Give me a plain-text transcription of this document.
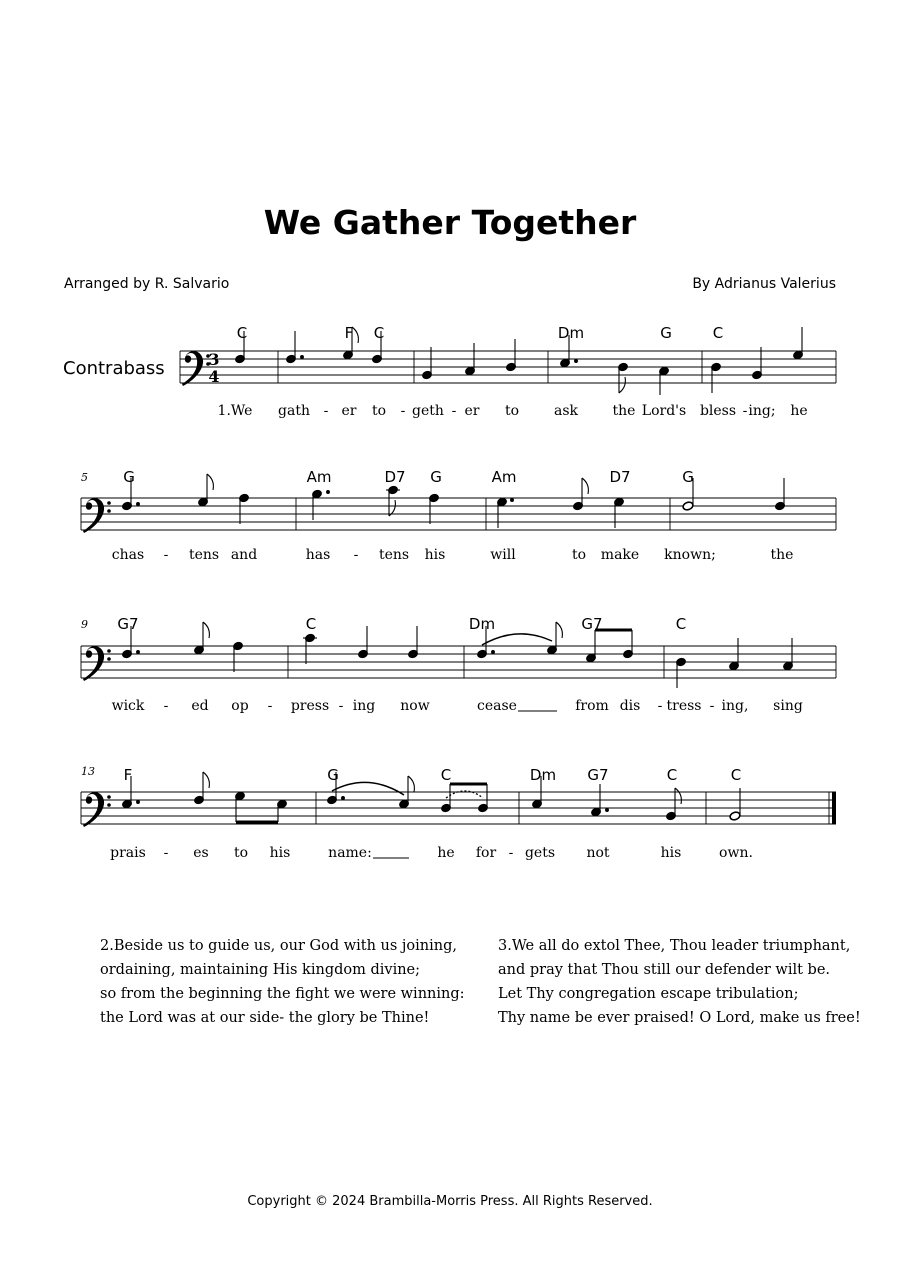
We Gather Together
Arranged by R. Salvario	By Adrianus Valerius
Contrabass	3
4
C	F C	Dm	G	C
1.We gath - er to - geth - er to ask the Lord's bless - ing; he
5 G	Am	D7 G	Am	D7	G
chas - tens and	has - tens his	will	to make known;	the
9 G7	C	Dm	G7	C
wick - ed op - press - ing now	cease	from dis - tress - ing, sing
13 F	G	C	Dm G7	C	C
prais - es to his	name:	he for - gets not	his	own.
2.Beside us to guide us, our God with us joining,
ordaining, maintaining His kingdom divine;
so from the beginning the fight we were winning:
the Lord was at our side- the glory be Thine!
3.We all do extol Thee, Thou leader triumphant,
and pray that Thou still our defender wilt be.
Let Thy congregation escape tribulation;
Thy name be ever praised! O Lord, make us free!
Copyright © 2024 Brambilla-Morris Press. All Rights Reserved.
